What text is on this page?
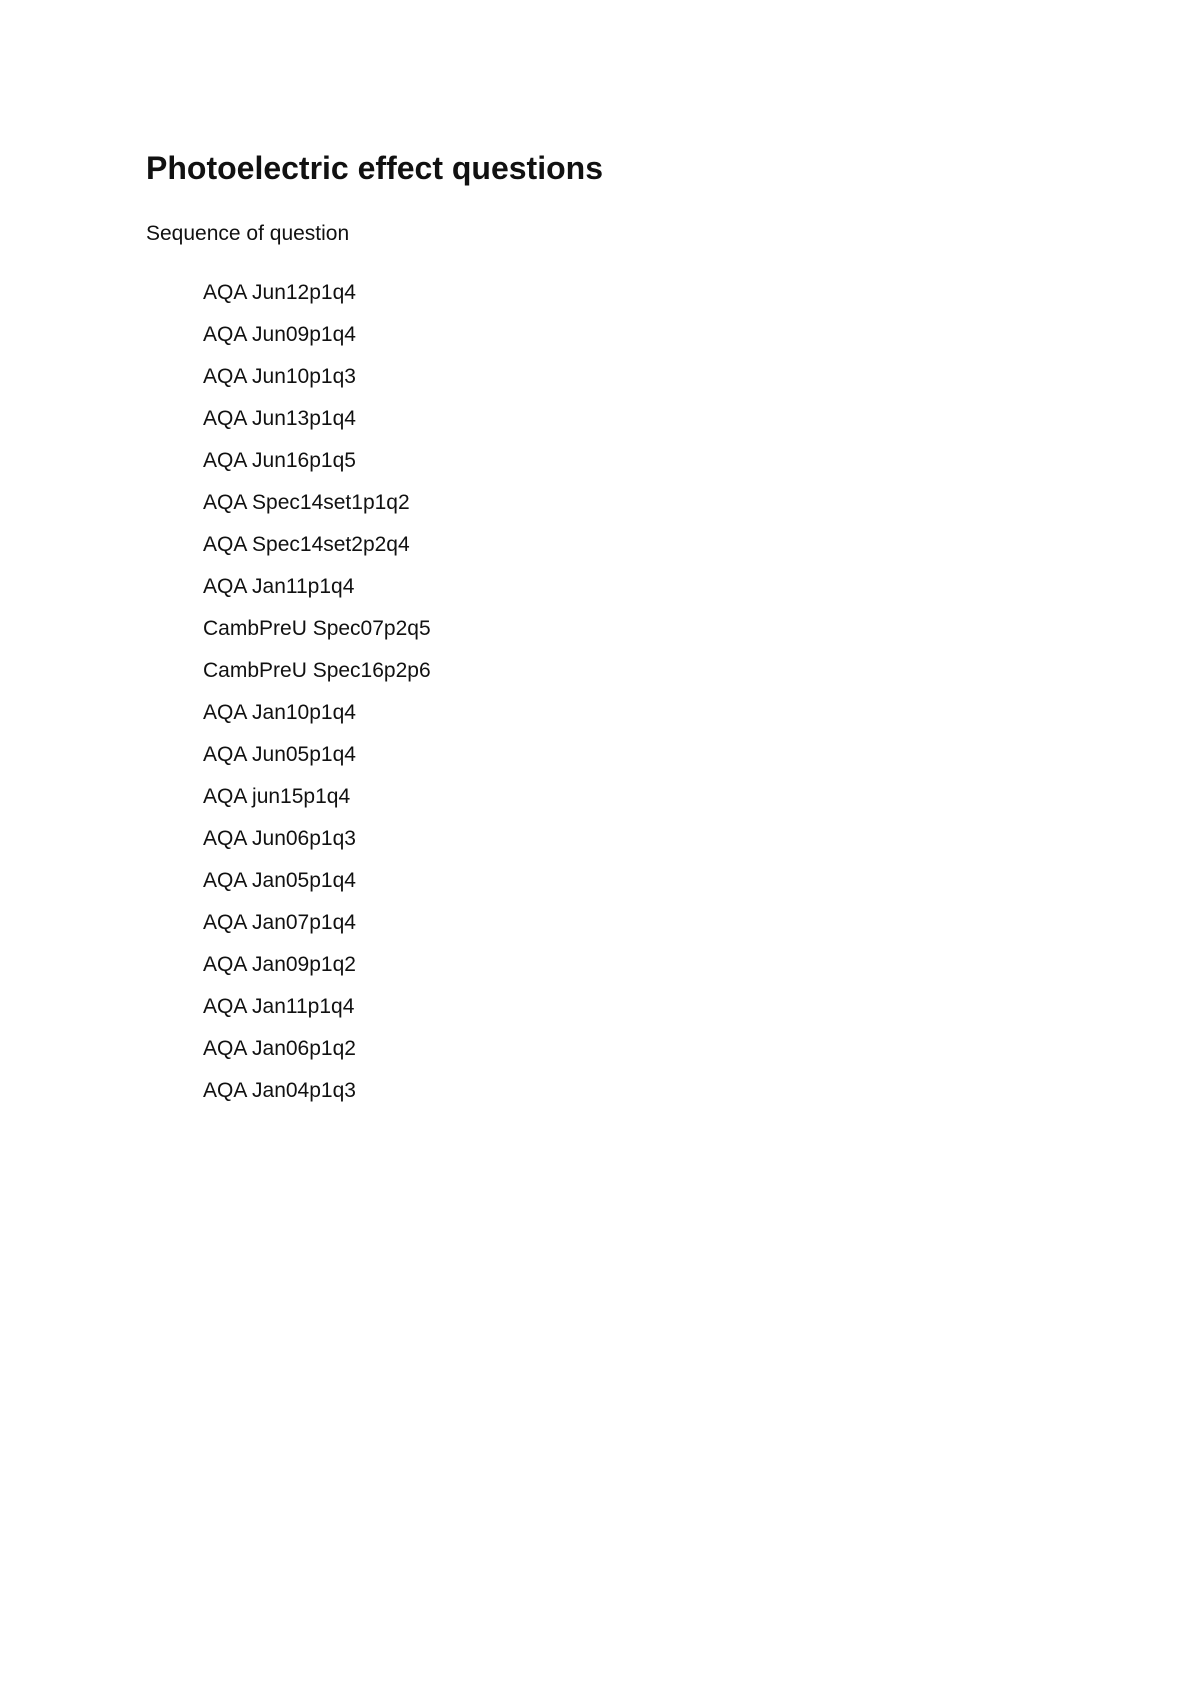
Photoelectric effect questions

Sequence of question

AQA Jun12p1q4
AQA Jun09p1q4
AQA Jun10p1q3
AQA Jun13p1q4
AQA Jun16p1q5
AQA Spec14set1p1q2
AQA Spec14set2p2q4
AQA Jan11p1q4
CambPreU Spec07p2q5
CambPreU Spec16p2p6
AQA Jan10p1q4
AQA Jun05p1q4
AQA jun15p1q4
AQA Jun06p1q3
AQA Jan05p1q4
AQA Jan07p1q4
AQA Jan09p1q2
AQA Jan11p1q4
AQA Jan06p1q2
AQA Jan04p1q3
